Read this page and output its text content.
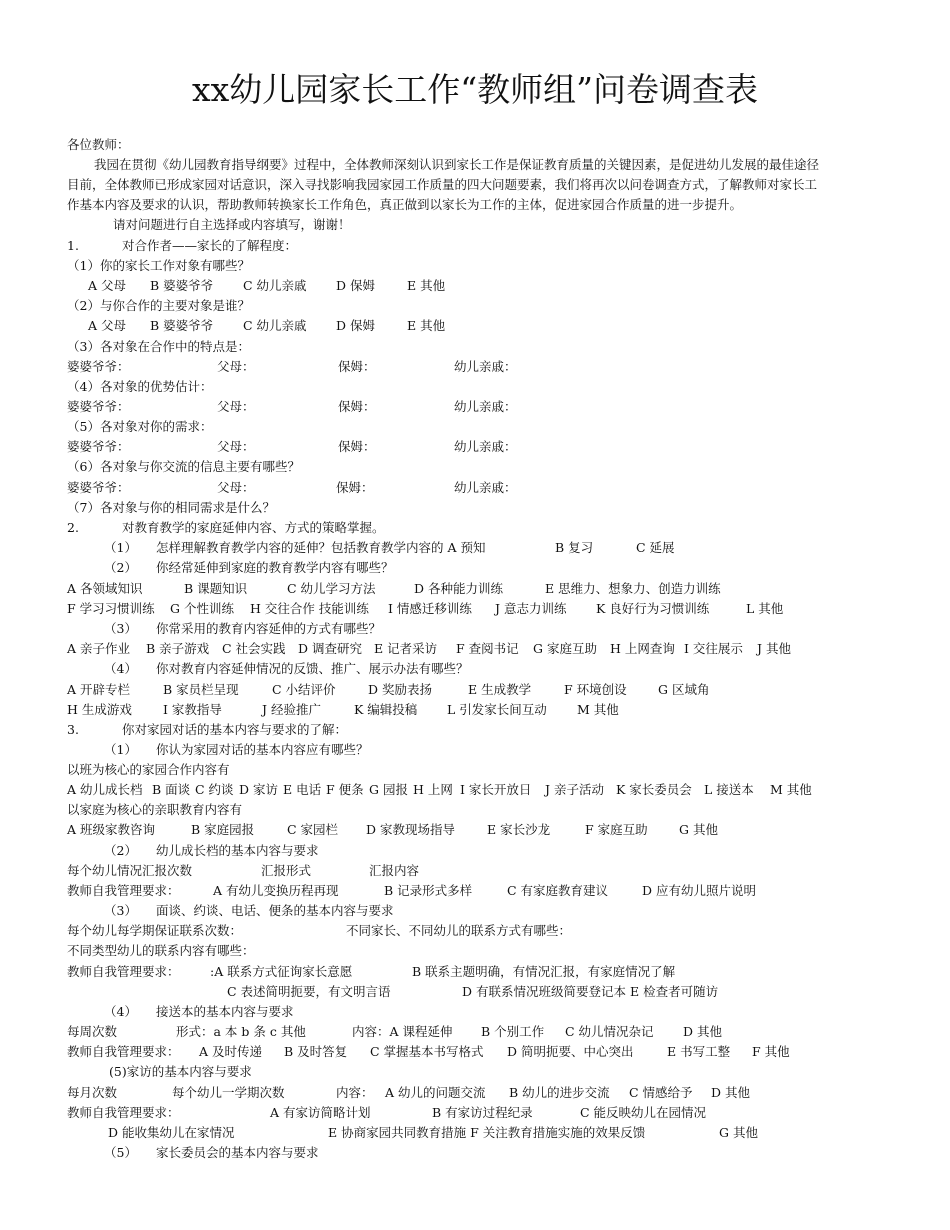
xx幼儿园家长工作“教师组”问卷调查表
各位教师：
我园在贯彻《幼儿园教育指导纲要》过程中，全体教师深刻认识到家长工作是保证教育质量的关键因素，是促进幼儿发展的最佳途径
目前，全体教师已形成家园对话意识，深入寻找影响我园家园工作质量的四大问题要素，我们将再次以问卷调查方式，了解教师对家长工
作基本内容及要求的认识，帮助教师转换家长工作角色，真正做到以家长为工作的主体，促进家园合作质量的进一步提升。
请对问题进行自主选择或内容填写，谢谢！
1.	对合作者——家长的了解程度：
（1）你的家长工作对象有哪些？
A 父母 B 婆婆爷爷 C 幼儿亲戚 D 保姆	E 其他
（2）与你合作的主要对象是谁？
A 父母 B 婆婆爷爷 C 幼儿亲戚 D 保姆	E 其他
（3）各对象在合作中的特点是：
婆婆爷爷：	父母：	保姆：	幼儿亲戚：
（4）各对象的优势估计：
婆婆爷爷：	父母：	保姆：	幼儿亲戚：
（5）各对象对你的需求：
婆婆爷爷：	父母：	保姆：	幼儿亲戚：
（6）各对象与你交流的信息主要有哪些？
婆婆爷爷：	父母：	保姆：	幼儿亲戚：
（7）各对象与你的相同需求是什么？
2.	对教育教学的家庭延伸内容、方式的策略掌握。
（1） 怎样理解教育教学内容的延伸？包括教育教学内容的 A 预知	B 复习	C 延展
（2） 你经常延伸到家庭的教育教学内容有哪些？
A 各领域知识	B 课题知识	C 幼儿学习方法	D 各种能力训练	E 思维力、想象力、创造力训练
F 学习习惯训练 G 个性训练 H 交往合作 技能训练 I 情感迁移训练 J 意志力训练 K 良好行为习惯训练	L 其他
（3） 你常采用的教育内容延伸的方式有哪些？
A 亲子作业 B 亲子游戏 C 社会实践 D 调查研究 E 记者采访 F 查阅书记 G 家庭互助 H 上网查询 I 交往展示 J 其他
（4） 你对教育内容延伸情况的反馈、推广、展示办法有哪些？
A 开辟专栏	B 家员栏呈现	C 小结评价	D 奖励表扬	E 生成教学	F 环境创设	G 区域角
H 生成游戏 I 家教指导	J 经验推广	K 编辑投稿 L 引发家长间互动 M 其他
3.	你对家园对话的基本内容与要求的了解：
（1） 你认为家园对话的基本内容应有哪些？
以班为核心的家园合作内容有
A 幼儿成长档 B 面谈 C 约谈 D 家访 E 电话 F 便条 G 园报 H 上网 I 家长开放日 J 亲子活动 K 家长委员会 L 接送本 M 其他
以家庭为核心的亲职教育内容有
A 班级家教咨询	B 家庭园报	C 家园栏 D 家教现场指导	E 家长沙龙	F 家庭互助	G 其他
（2） 幼儿成长档的基本内容与要求
每个幼儿情况汇报次数	汇报形式	汇报内容
教师自我管理要求：	A 有幼儿变换历程再现	B 记录形式多样	C 有家庭教育建议	D 应有幼儿照片说明
（3） 面谈、约谈、电话、便条的基本内容与要求
每个幼儿每学期保证联系次数：	不同家长、不同幼儿的联系方式有哪些：
不同类型幼儿的联系内容有哪些：
教师自我管理要求： :A 联系方式征询家长意愿	B 联系主题明确，有情况汇报，有家庭情况了解
C 表述简明扼要，有文明言语	D 有联系情况班级简要登记本 E 检查者可随访
（4） 接送本的基本内容与要求
每周次数	形式：a 本 b 条 c 其他	内容：A 课程延伸 B 个别工作 C 幼儿情况杂记 D 其他
教师自我管理要求： A 及时传递 B 及时答复 C 掌握基本书写格式 D 简明扼要、中心突出	E 书写工整 F 其他
(5)家访的基本内容与要求
每月次数	每个幼儿一学期次数	内容： A 幼儿的问题交流 B 幼儿的进步交流 C 情感给予 D 其他
教师自我管理要求：	A 有家访简略计划	B 有家访过程纪录	C 能反映幼儿在园情况
D 能收集幼儿在家情况	E 协商家园共同教育措施 F 关注教育措施实施的效果反馈	G 其他
（5） 家长委员会的基本内容与要求
